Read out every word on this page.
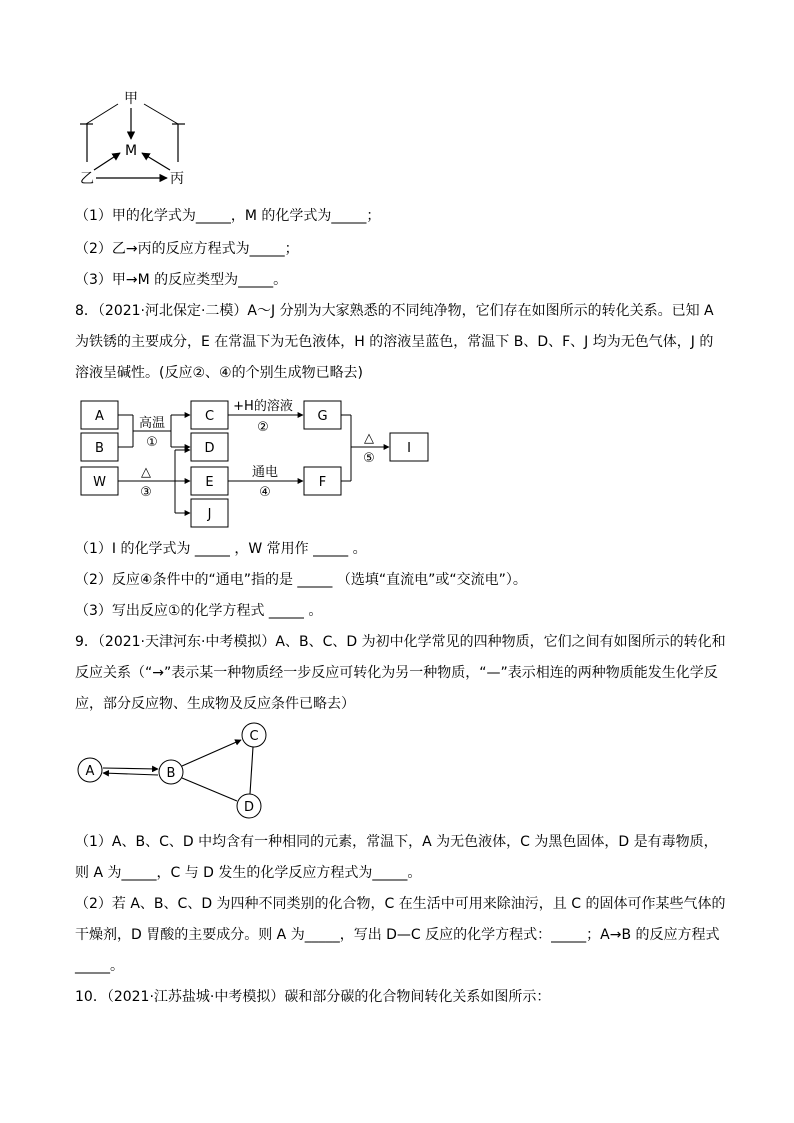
甲
M
乙	丙
（1）甲的化学式为_____，M 的化学式为_____；
（2）乙→丙的反应方程式为_____；
（3）甲→M 的反应类型为_____。
8．（2021·河北保定·二模）A～J 分别为大家熟悉的不同纯净物，它们存在如图所示的转化关系。已知 A
为铁锈的主要成分，E 在常温下为无色液体，H 的溶液呈蓝色，常温下 B、D、F、J 均为无色气体，J 的
溶液呈碱性。(反应②、④的个别生成物已略去)
A
B
W
C
D
E
J
G
F
I
高温
①
+H的溶液
②
△
③
通电
④
△
⑤
（1）I 的化学式为 _____ ，W 常用作 _____ 。
（2）反应④条件中的“通电”指的是 _____ （选填“直流电”或“交流电”）。
（3）写出反应①的化学方程式 _____ 。
9．（2021·天津河东·中考模拟）A、B、C、D 为初中化学常见的四种物质，它们之间有如图所示的转化和
反应关系（“→”表示某一种物质经一步反应可转化为另一种物质，“—”表示相连的两种物质能发生化学反
应，部分反应物、生成物及反应条件已略去）
A	B
C
D
（1）A、B、C、D 中均含有一种相同的元素，常温下，A 为无色液体，C 为黑色固体，D 是有毒物质，
则 A 为_____，C 与 D 发生的化学反应方程式为_____。
（2）若 A、B、C、D 为四种不同类别的化合物，C 在生活中可用来除油污，且 C 的固体可作某些气体的
干燥剂，D 胃酸的主要成分。则 A 为_____，写出 D—C 反应的化学方程式：_____；A→B 的反应方程式
_____。
10．（2021·江苏盐城·中考模拟）碳和部分碳的化合物间转化关系如图所示：
